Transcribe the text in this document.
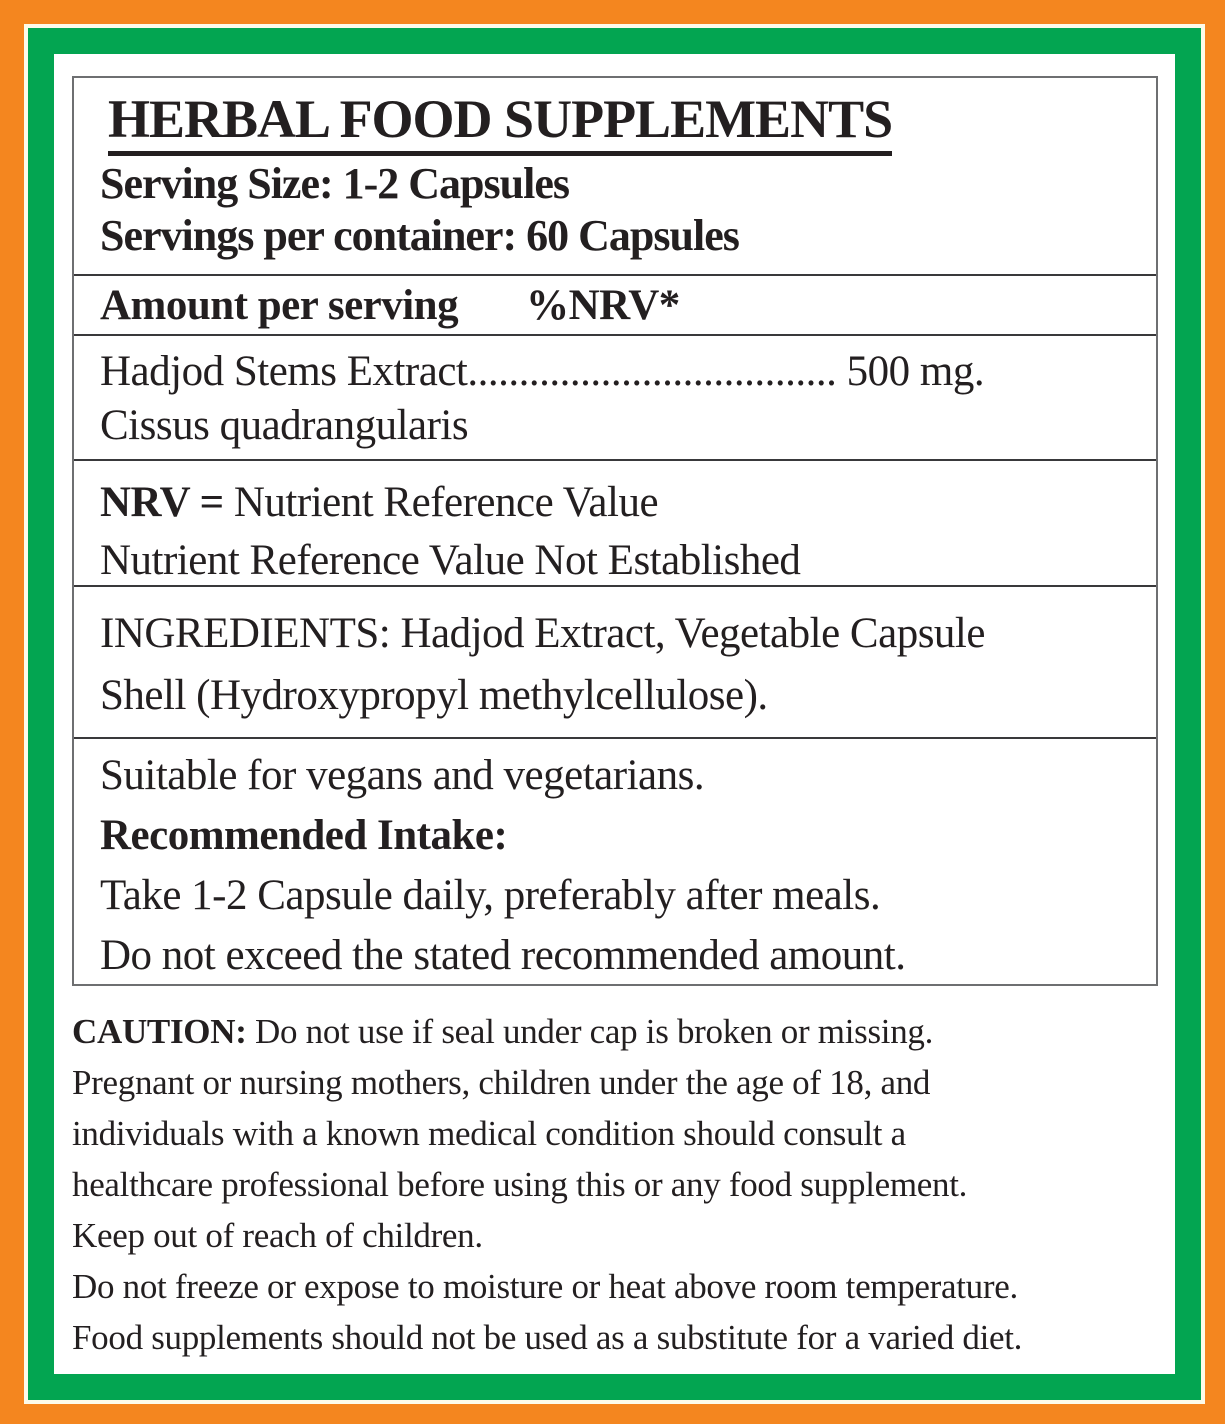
HERBAL FOOD SUPPLEMENTS
Serving Size: 1-2 Capsules
Servings per container: 60 Capsules
Amount per serving %NRV*
Hadjod Stems Extract.................................... 500 mg.
Cissus quadrangularis
NRV = Nutrient Reference Value
Nutrient Reference Value Not Established
INGREDIENTS: Hadjod Extract, Vegetable Capsule
Shell (Hydroxypropyl methylcellulose).
Suitable for vegans and vegetarians.
Recommended Intake:
Take 1-2 Capsule daily, preferably after meals.
Do not exceed the stated recommended amount.
CAUTION: Do not use if seal under cap is broken or missing.
Pregnant or nursing mothers, children under the age of 18, and
individuals with a known medical condition should consult a
healthcare professional before using this or any food supplement.
Keep out of reach of children.
Do not freeze or expose to moisture or heat above room temperature.
Food supplements should not be used as a substitute for a varied diet.
